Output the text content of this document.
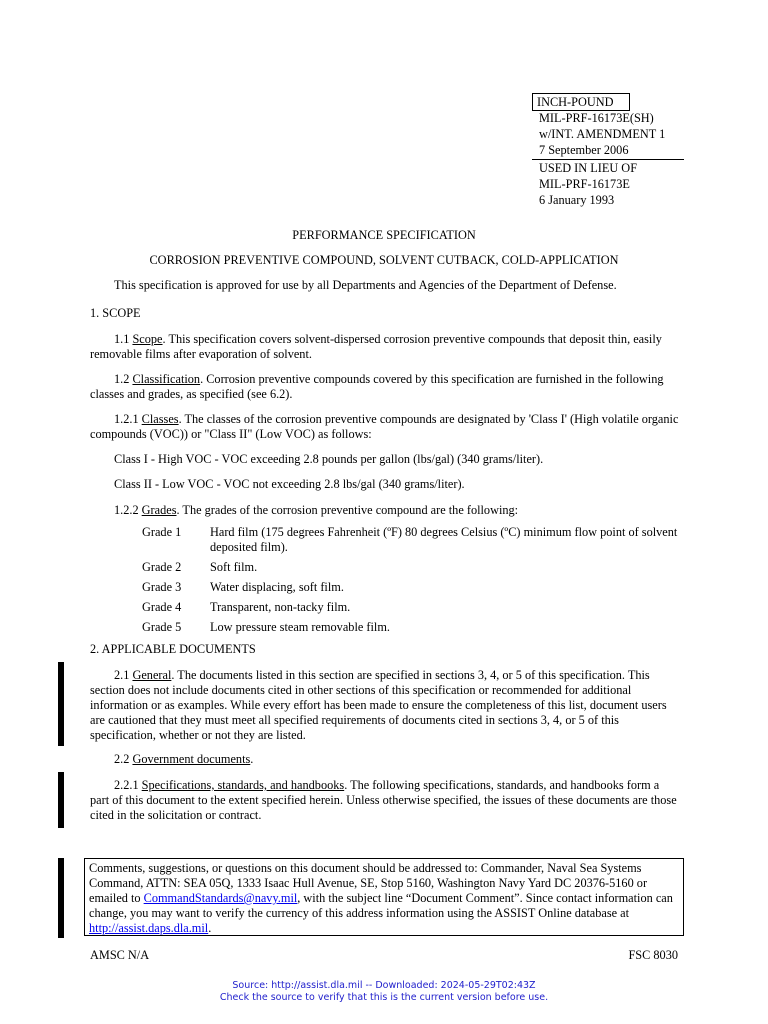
INCH-POUND
MIL-PRF-16173E(SH)
w/INT. AMENDMENT 1
7 September 2006
USED IN LIEU OF
MIL-PRF-16173E
6 January 1993
PERFORMANCE SPECIFICATION
CORROSION PREVENTIVE COMPOUND, SOLVENT CUTBACK, COLD-APPLICATION
This specification is approved for use by all Departments and Agencies of the Department of Defense.
1. SCOPE
1.1 Scope. This specification covers solvent-dispersed corrosion preventive compounds that deposit thin, easily removable films after evaporation of solvent.
1.2 Classification. Corrosion preventive compounds covered by this specification are furnished in the following classes and grades, as specified (see 6.2).
1.2.1 Classes. The classes of the corrosion preventive compounds are designated by 'Class I' (High volatile organic compounds (VOC)) or "Class II" (Low VOC) as follows:
Class I - High VOC - VOC exceeding 2.8 pounds per gallon (lbs/gal) (340 grams/liter).
Class II - Low VOC - VOC not exceeding 2.8 lbs/gal (340 grams/liter).
1.2.2 Grades. The grades of the corrosion preventive compound are the following:
Grade 1 Hard film (175 degrees Fahrenheit (ºF) 80 degrees Celsius (ºC) minimum flow point of solvent deposited film).
Grade 2 Soft film.
Grade 3 Water displacing, soft film.
Grade 4 Transparent, non-tacky film.
Grade 5 Low pressure steam removable film.
2. APPLICABLE DOCUMENTS
2.1 General. The documents listed in this section are specified in sections 3, 4, or 5 of this specification. This section does not include documents cited in other sections of this specification or recommended for additional information or as examples. While every effort has been made to ensure the completeness of this list, document users are cautioned that they must meet all specified requirements of documents cited in sections 3, 4, or 5 of this specification, whether or not they are listed.
2.2 Government documents.
2.2.1 Specifications, standards, and handbooks. The following specifications, standards, and handbooks form a part of this document to the extent specified herein. Unless otherwise specified, the issues of these documents are those cited in the solicitation or contract.
Comments, suggestions, or questions on this document should be addressed to: Commander, Naval Sea Systems Command, ATTN: SEA 05Q, 1333 Isaac Hull Avenue, SE, Stop 5160, Washington Navy Yard DC 20376-5160 or emailed to CommandStandards@navy.mil, with the subject line “Document Comment”. Since contact information can change, you may want to verify the currency of this address information using the ASSIST Online database at http://assist.daps.dla.mil.
AMSC N/A	FSC 8030
Source: http://assist.dla.mil -- Downloaded: 2024-05-29T02:43Z
Check the source to verify that this is the current version before use.
